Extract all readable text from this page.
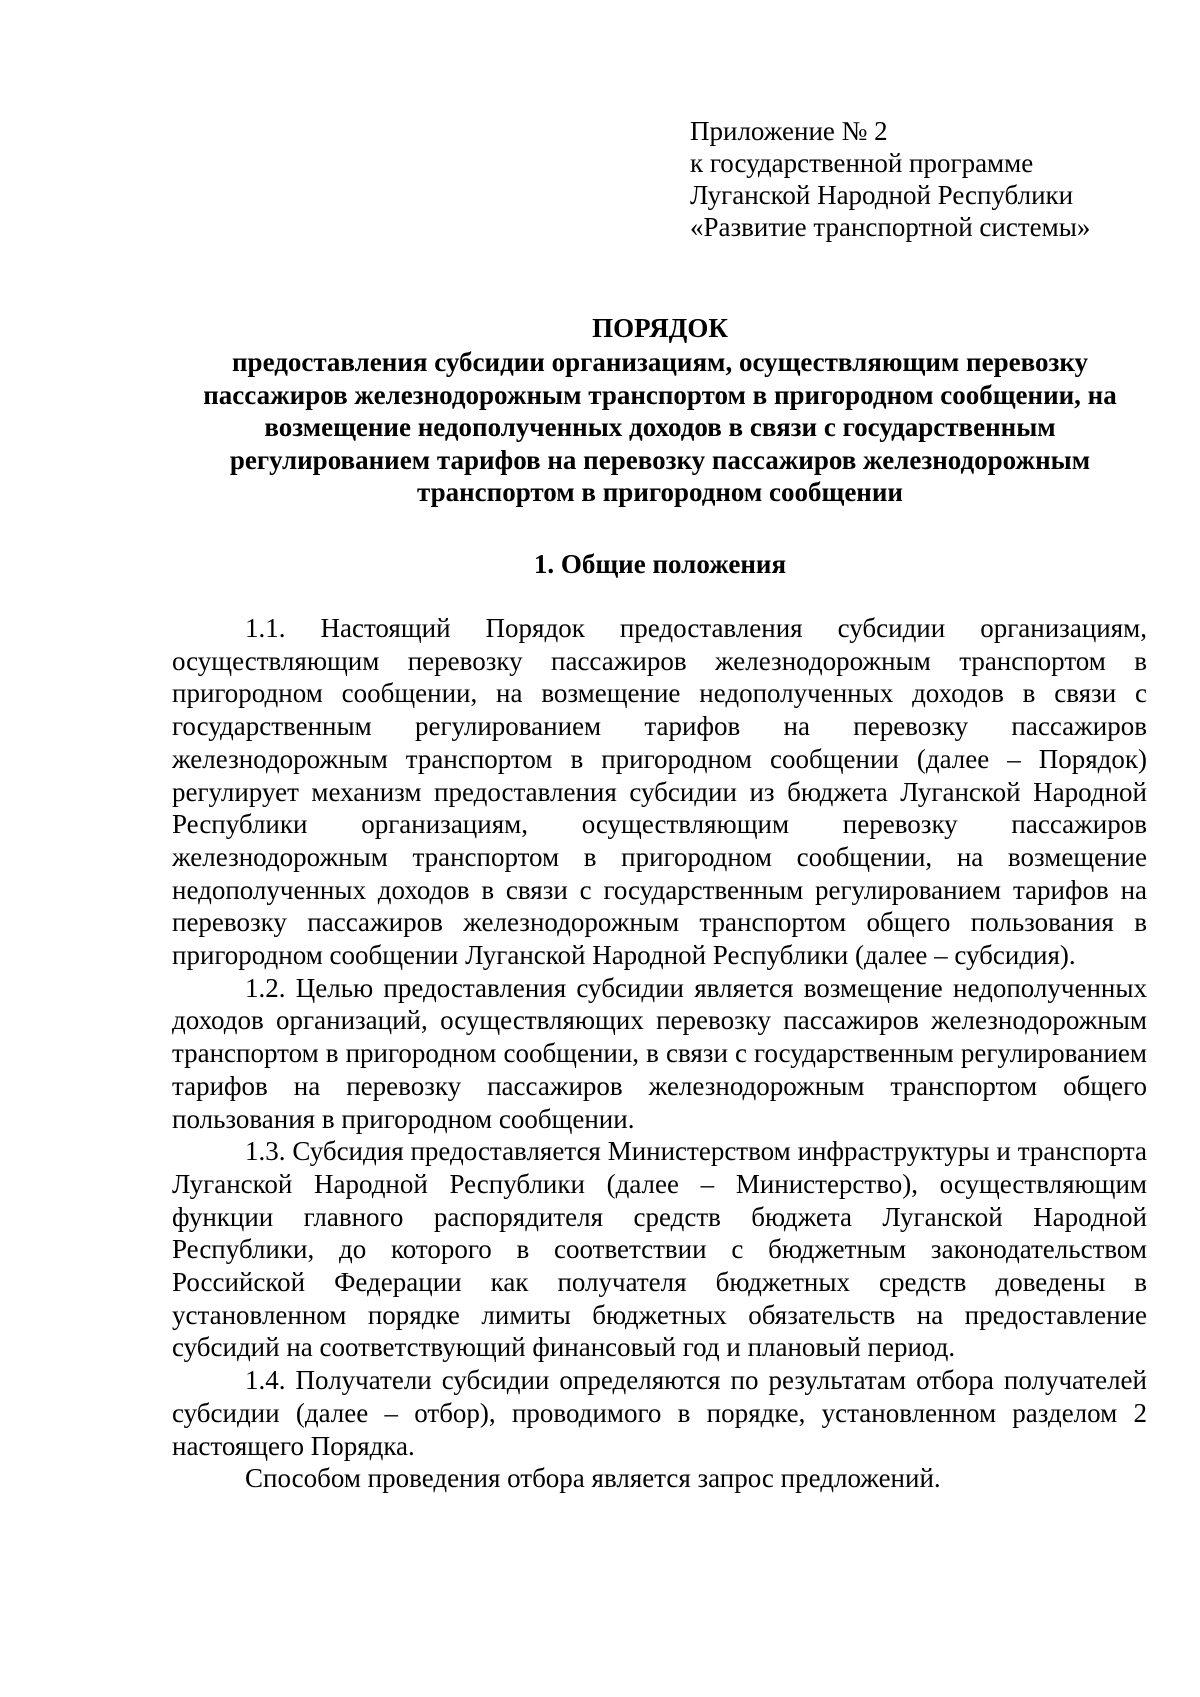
Приложение № 2
к государственной программе
Луганской Народной Республики
«Развитие транспортной системы»
ПОРЯДОК
предоставления субсидии организациям, осуществляющим перевозку пассажиров железнодорожным транспортом в пригородном сообщении, на возмещение недополученных доходов в связи с государственным регулированием тарифов на перевозку пассажиров железнодорожным транспортом в пригородном сообщении
1. Общие положения

1.1. Настоящий Порядок предоставления субсидии организациям, осуществляющим перевозку пассажиров железнодорожным транспортом в пригородном сообщении, на возмещение недополученных доходов в связи с государственным регулированием тарифов на перевозку пассажиров железнодорожным транспортом в пригородном сообщении (далее – Порядок) регулирует механизм предоставления субсидии из бюджета Луганской Народной Республики организациям, осуществляющим перевозку пассажиров железнодорожным транспортом в пригородном сообщении, на возмещение недополученных доходов в связи с государственным регулированием тарифов на перевозку пассажиров железнодорожным транспортом общего пользования в пригородном сообщении Луганской Народной Республики (далее – субсидия).

1.2. Целью предоставления субсидии является возмещение недополученных доходов организаций, осуществляющих перевозку пассажиров железнодорожным транспортом в пригородном сообщении, в связи с государственным регулированием тарифов на перевозку пассажиров железнодорожным транспортом общего пользования в пригородном сообщении.

1.3. Субсидия предоставляется Министерством инфраструктуры и транспорта Луганской Народной Республики (далее – Министерство), осуществляющим функции главного распорядителя средств бюджета Луганской Народной Республики, до которого в соответствии с бюджетным законодательством Российской Федерации как получателя бюджетных средств доведены в установленном порядке лимиты бюджетных обязательств на предоставление субсидий на соответствующий финансовый год и плановый период.

1.4. Получатели субсидии определяются по результатам отбора получателей субсидии (далее – отбор), проводимого в порядке, установленном разделом 2 настоящего Порядка.

Способом проведения отбора является запрос предложений.
